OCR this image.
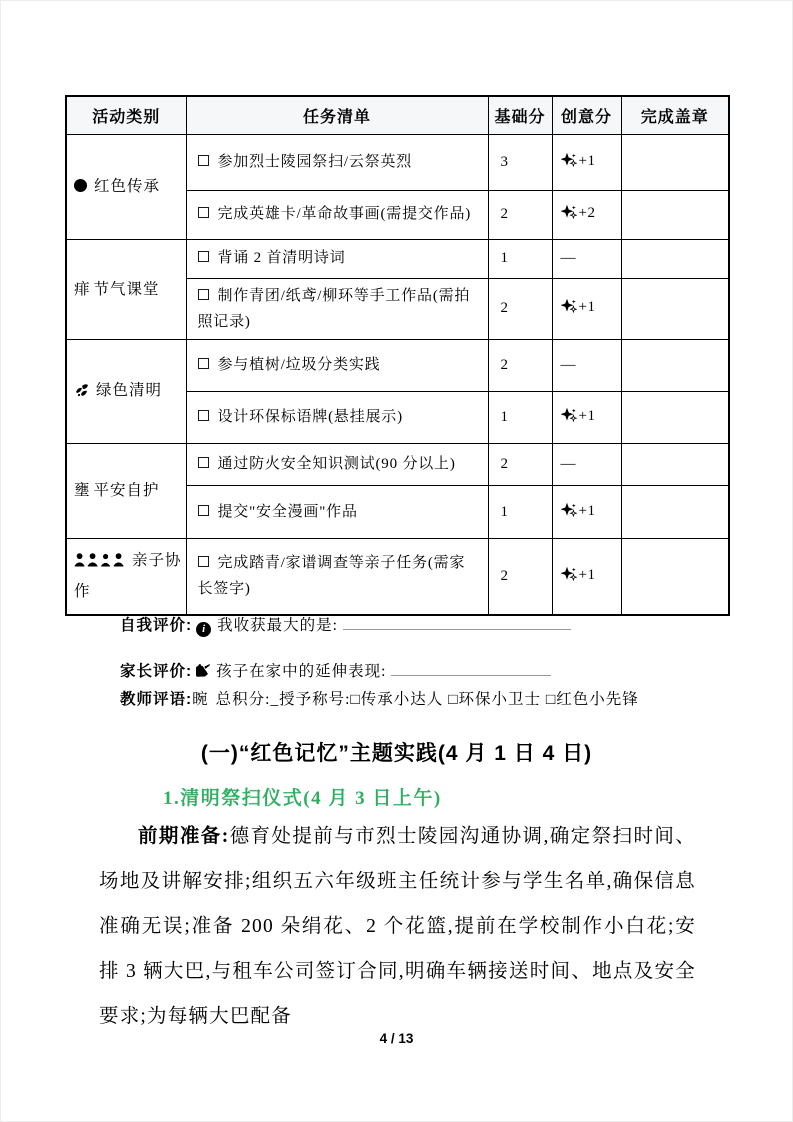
活动类别	任务清单	基础分	创意分	完成盖章
红色传承	参加烈士陵园祭扫/云祭英烈	3	+1	
	完成英雄卡/革命故事画(需提交作品)	2	+2	
痱 节气课堂	背诵 2 首清明诗词	1	—	
	制作青团/纸鸢/柳环等手工作品(需拍照记录)	2	+1	
绿色清明	参与植树/垃圾分类实践	2	—	
	设计环保标语牌(悬挂展示)	1	+1	
壅 平安自护	通过防火安全知识测试(90 分以上)	2	—	
	提交"安全漫画"作品	1	+1	
亲子协作	完成踏青/家谱调查等亲子任务(需家长签字)	2	+1	
自我评价: i 我收获最大的是:
家长评价: 孩子在家中的延伸表现:
教师评语:晼 总积分:_授予称号:□传承小达人 □环保小卫士 □红色小先锋
(一)“红色记忆”主题实践(4 月 1 日 4 日)
1.清明祭扫仪式(4 月 3 日上午)
前期准备:德育处提前与市烈士陵园沟通协调,确定祭扫时间、场地及讲解安排;组织五六年级班主任统计参与学生名单,确保信息准确无误;准备 200 朵绢花、2 个花篮,提前在学校制作小白花;安排 3 辆大巴,与租车公司签订合同,明确车辆接送时间、地点及安全要求;为每辆大巴配备
4 / 13
